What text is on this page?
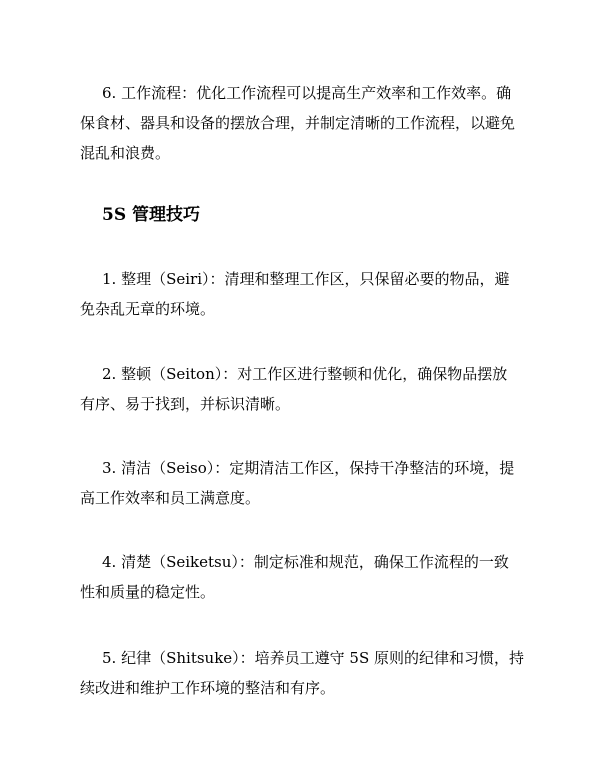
6. 工作流程：优化工作流程可以提高生产效率和工作效率。确
保食材、器具和设备的摆放合理，并制定清晰的工作流程，以避免
混乱和浪费。

5S 管理技巧

1. 整理（Seiri）：清理和整理工作区，只保留必要的物品，避
免杂乱无章的环境。

2. 整顿（Seiton）：对工作区进行整顿和优化，确保物品摆放
有序、易于找到，并标识清晰。

3. 清洁（Seiso）：定期清洁工作区，保持干净整洁的环境，提
高工作效率和员工满意度。

4. 清楚（Seiketsu）：制定标准和规范，确保工作流程的一致
性和质量的稳定性。

5. 纪律（Shitsuke）：培养员工遵守 5S 原则的纪律和习惯，持
续改进和维护工作环境的整洁和有序。
